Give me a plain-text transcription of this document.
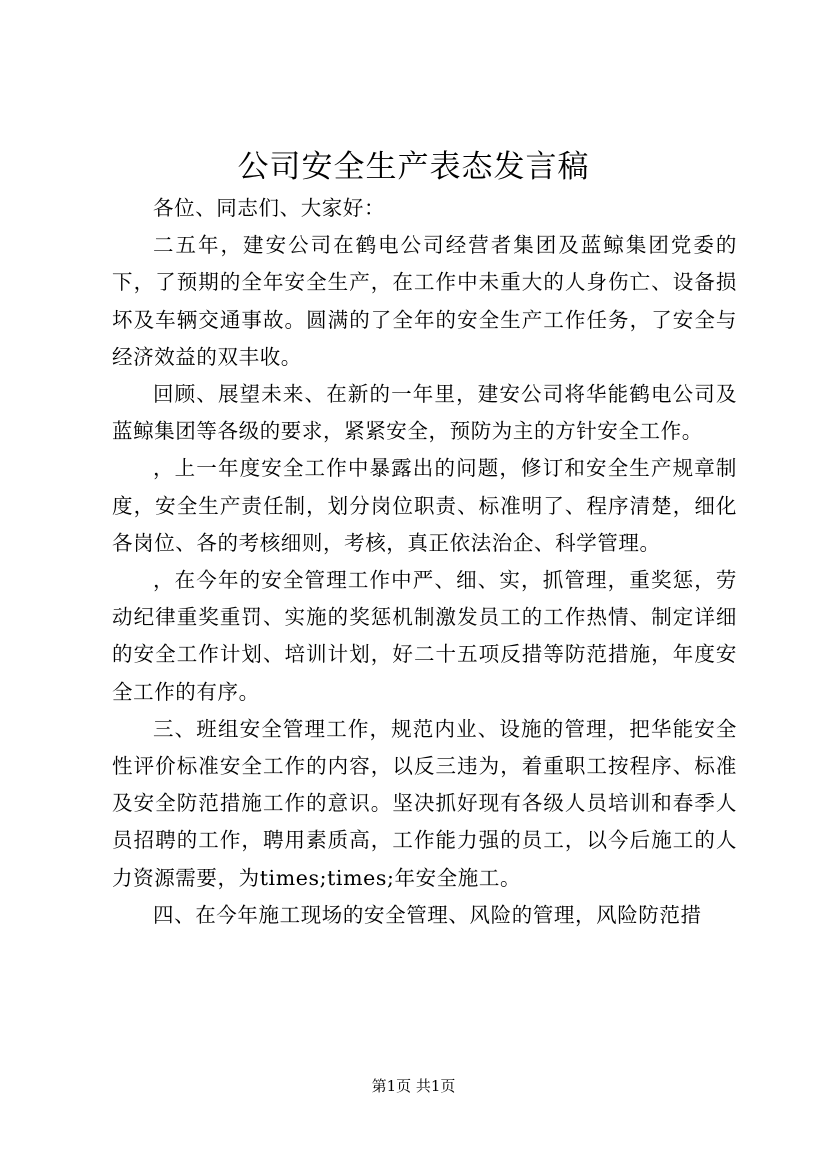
公司安全生产表态发言稿

各位、同志们、大家好：

二五年，建安公司在鹤电公司经营者集团及蓝鲸集团党委的下，了预期的全年安全生产，在工作中未重大的人身伤亡、设备损坏及车辆交通事故。圆满的了全年的安全生产工作任务，了安全与经济效益的双丰收。

回顾、展望未来、在新的一年里，建安公司将华能鹤电公司及蓝鲸集团等各级的要求，紧紧安全，预防为主的方针安全工作。

，上一年度安全工作中暴露出的问题，修订和安全生产规章制度，安全生产责任制，划分岗位职责、标准明了、程序清楚，细化各岗位、各的考核细则，考核，真正依法治企、科学管理。

，在今年的安全管理工作中严、细、实，抓管理，重奖惩，劳动纪律重奖重罚、实施的奖惩机制激发员工的工作热情、制定详细的安全工作计划、培训计划，好二十五项反措等防范措施，年度安全工作的有序。

三、班组安全管理工作，规范内业、设施的管理，把华能安全性评价标准安全工作的内容，以反三违为，着重职工按程序、标准及安全防范措施工作的意识。坚决抓好现有各级人员培训和春季人员招聘的工作，聘用素质高，工作能力强的员工，以今后施工的人力资源需要，为times;times;年安全施工。

四、在今年施工现场的安全管理、风险的管理，风险防范措

第1页 共1页
